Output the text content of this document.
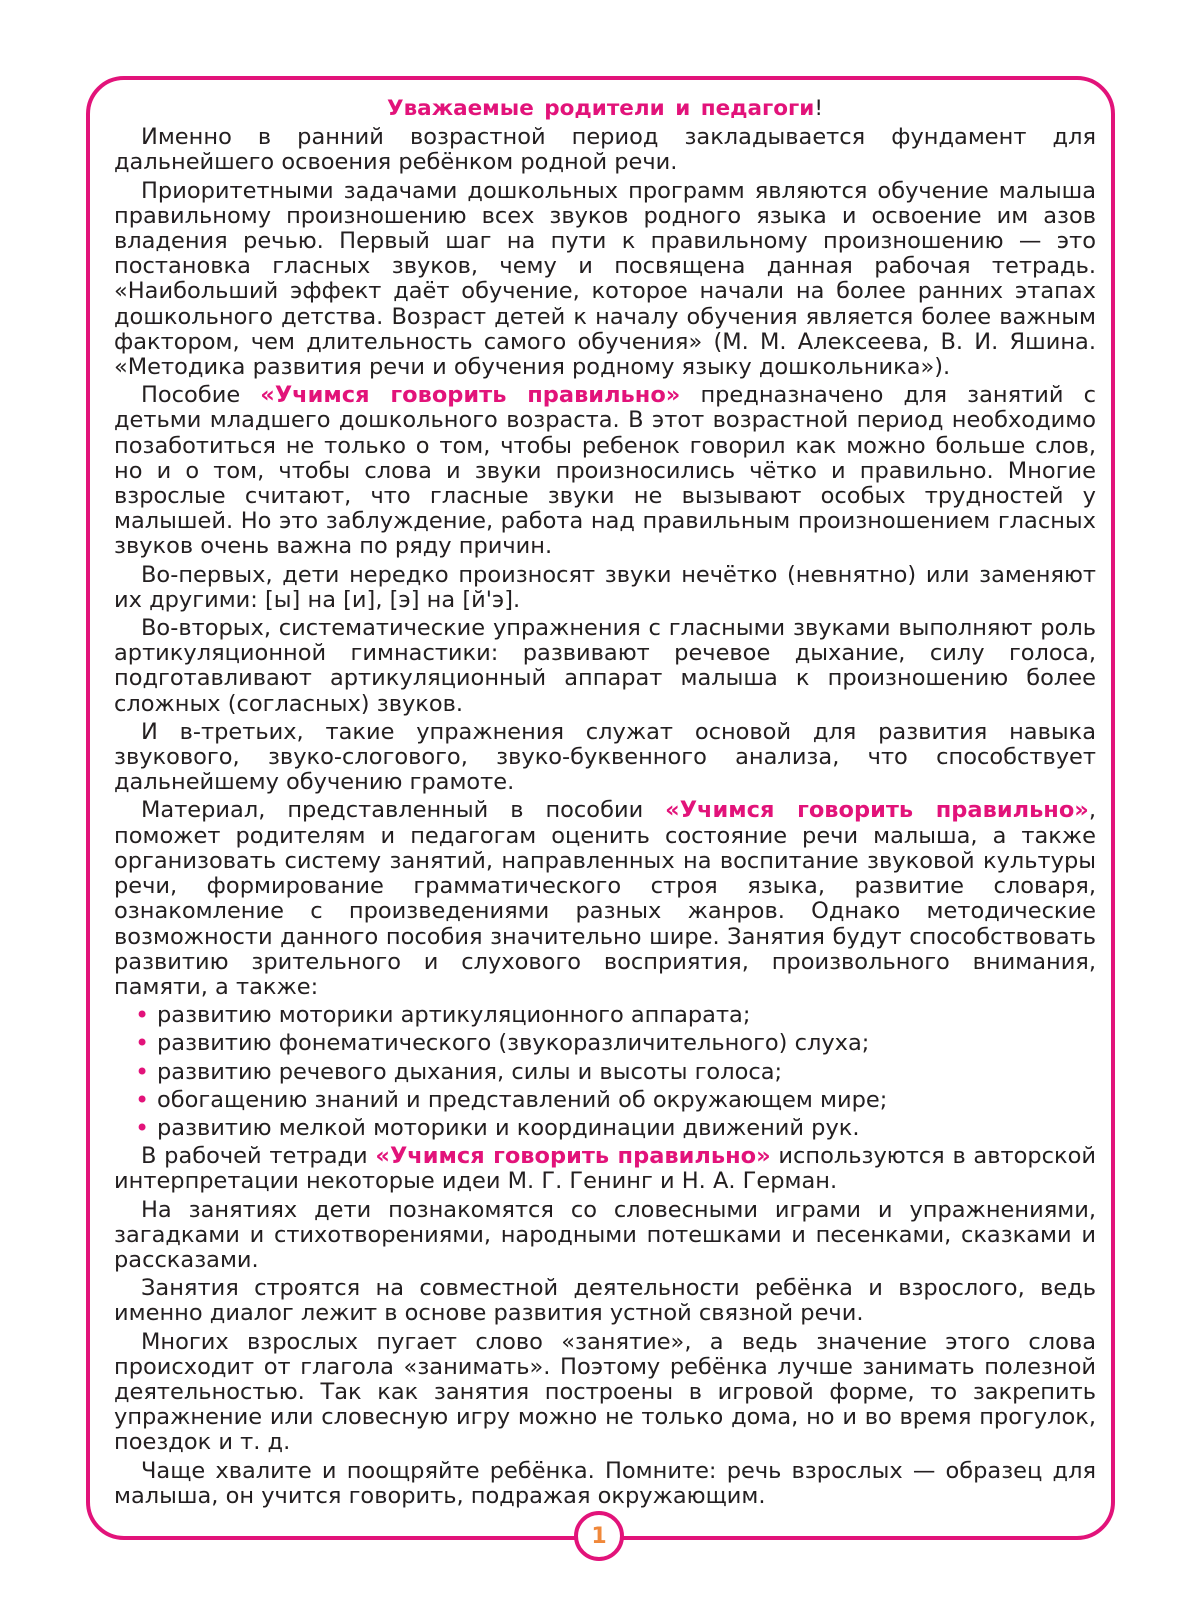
Уважаемые родители и педагоги!

Именно в ранний возрастной период закладывается фундамент для дальнейшего освоения ребёнком родной речи.

Приоритетными задачами дошкольных программ являются обучение малыша правильному произношению всех звуков родного языка и освоение им азов владения речью. Первый шаг на пути к правильному произношению — это постановка гласных звуков, чему и посвящена данная рабочая тетрадь. «Наибольший эффект даёт обучение, которое начали на более ранних этапах дошкольного детства. Возраст детей к началу обучения является более важным фактором, чем длительность самого обучения» (М. М. Алексеева, В. И. Яшина. «Методика развития речи и обучения родному языку дошкольника»).

Пособие «Учимся говорить правильно» предназначено для занятий с детьми младшего дошкольного возраста. В этот возрастной период необходимо позаботиться не только о том, чтобы ребенок говорил как можно больше слов, но и о том, чтобы слова и звуки произносились чётко и правильно. Многие взрослые считают, что гласные звуки не вызывают особых трудностей у малышей. Но это заблуждение, работа над правильным произношением гласных звуков очень важна по ряду причин.

Во-первых, дети нередко произносят звуки нечётко (невнятно) или заменяют их другими: [ы] на [и], [э] на [й'э].

Во-вторых, систематические упражнения с гласными звуками выполняют роль артикуляционной гимнастики: развивают речевое дыхание, силу голоса, подготавливают артикуляционный аппарат малыша к произношению более сложных (согласных) звуков.

И в-третьих, такие упражнения служат основой для развития навыка звукового, звуко-слогового, звуко-буквенного анализа, что способствует дальнейшему обучению грамоте.

Материал, представленный в пособии «Учимся говорить правильно», поможет родителям и педагогам оценить состояние речи малыша, а также организовать систему занятий, направленных на воспитание звуковой культуры речи, формирование грамматического строя языка, развитие словаря, ознакомление с произведениями разных жанров. Однако методические возможности данного пособия значительно шире. Занятия будут способствовать развитию зрительного и слухового восприятия, произвольного внимания, памяти, а также:

• развитию моторики артикуляционного аппарата;
• развитию фонематического (звукоразличительного) слуха;
• развитию речевого дыхания, силы и высоты голоса;
• обогащению знаний и представлений об окружающем мире;
• развитию мелкой моторики и координации движений рук.

В рабочей тетради «Учимся говорить правильно» используются в авторской интерпретации некоторые идеи М. Г. Генинг и Н. А. Герман.

На занятиях дети познакомятся со словесными играми и упражнениями, загадками и стихотворениями, народными потешками и песенками, сказками и рассказами.

Занятия строятся на совместной деятельности ребёнка и взрослого, ведь именно диалог лежит в основе развития устной связной речи.

Многих взрослых пугает слово «занятие», а ведь значение этого слова происходит от глагола «занимать». Поэтому ребёнка лучше занимать полезной деятельностью. Так как занятия построены в игровой форме, то закрепить упражнение или словесную игру можно не только дома, но и во время прогулок, поездок и т. д.

Чаще хвалите и поощряйте ребёнка. Помните: речь взрослых — образец для малыша, он учится говорить, подражая окружающим.

1
